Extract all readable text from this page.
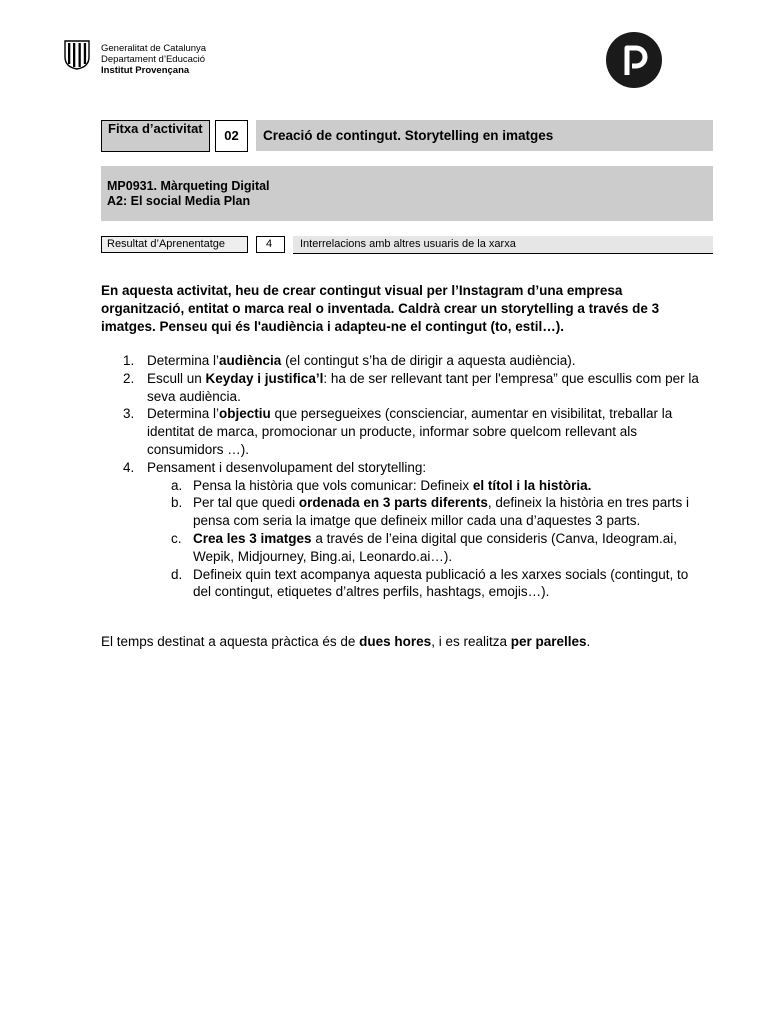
Generalitat de Catalunya
Departament d’Educació
Institut Provençana
Fitxa d’activitat	02	Creació de contingut. Storytelling en imatges
MP0931. Màrqueting Digital
A2: El social Media Plan
Resultat d’Aprenentatge	4	Interrelacions amb altres usuaris de la xarxa
En aquesta activitat, heu de crear contingut visual per l’Instagram d’una empresa organització, entitat o marca real o inventada. Caldrà crear un storytelling a través de 3 imatges. Penseu qui és l'audiència i adapteu-ne el contingut (to, estil…).
1. Determina l’audiència (el contingut s’ha de dirigir a aquesta audiència).
2. Escull un Keyday i justifica’l: ha de ser rellevant tant per l'empresa” que escullis com per la seva audiència.
3. Determina l’objectiu que persegueixes (conscienciar, aumentar en visibilitat, treballar la identitat de marca, promocionar un producte, informar sobre quelcom rellevant als consumidors …).
4. Pensament i desenvolupament del storytelling:
a. Pensa la història que vols comunicar: Defineix el títol i la història.
b. Per tal que quedi ordenada en 3 parts diferents, defineix la història en tres parts i pensa com seria la imatge que defineix millor cada una d’aquestes 3 parts.
c. Crea les 3 imatges a través de l’eina digital que consideris (Canva, Ideogram.ai, Wepik, Midjourney, Bing.ai, Leonardo.ai…).
d. Defineix quin text acompanya aquesta publicació a les xarxes socials (contingut, to del contingut, etiquetes d’altres perfils, hashtags, emojis…).
El temps destinat a aquesta pràctica és de dues hores, i es realitza per parelles.
